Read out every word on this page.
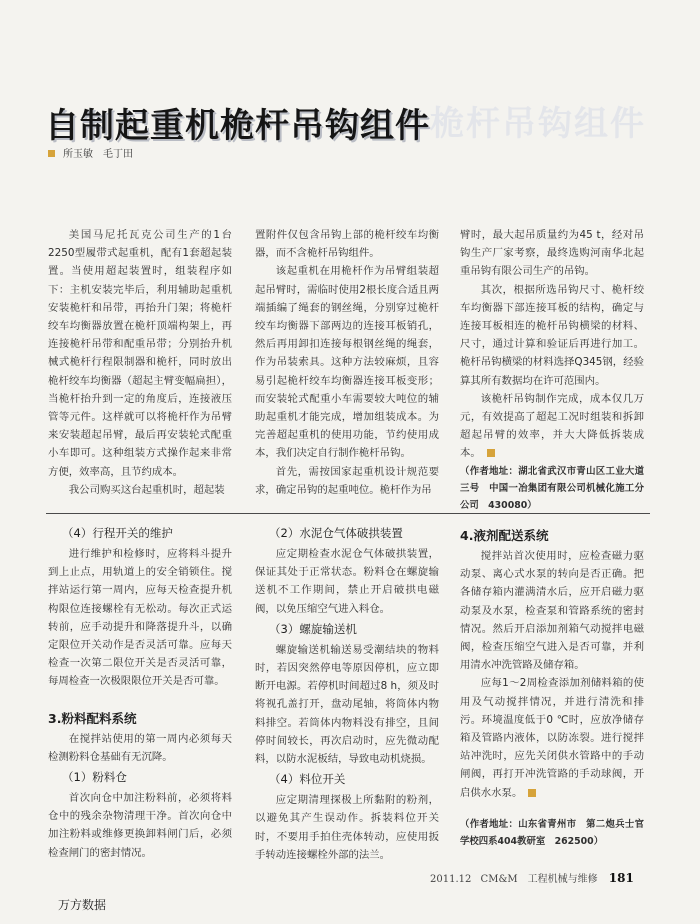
桅杆吊钩组件
自制起重机桅杆吊钩组件
所玉敏　毛丁田

美国马尼托瓦克公司生产的1台2250型履带式起重机，配有1套超起装置。当使用超起装置时，组装程序如下：主机安装完毕后，利用辅助起重机安装桅杆和吊带，再抬升门架；将桅杆绞车均衡器放置在桅杆顶端构架上，再连接桅杆吊带和配重吊带；分别抬升机械式桅杆行程限制器和桅杆，同时放出桅杆绞车均衡器（超起主臂变幅扁担），当桅杆抬升到一定的角度后，连接液压管等元件。这样就可以将桅杆作为吊臂来安装超起吊臂，最后再安装轮式配重小车即可。这种组装方式操作起来非常方便，效率高，且节约成本。

我公司购买这台起重机时，超起装

置附件仅包含吊钩上部的桅杆绞车均衡器，而不含桅杆吊钩组件。

该起重机在用桅杆作为吊臂组装超起吊臂时，需临时使用2根长度合适且两端插编了绳套的钢丝绳，分别穿过桅杆绞车均衡器下部两边的连接耳板销孔，然后再用卸扣连接每根钢丝绳的绳套，作为吊装索具。这种方法较麻烦，且容易引起桅杆绞车均衡器连接耳板变形；而安装轮式配重小车需要较大吨位的辅助起重机才能完成，增加组装成本。为完善超起重机的使用功能，节约使用成本，我们决定自行制作桅杆吊钩。

首先，需按国家起重机设计规范要求，确定吊钩的起重吨位。桅杆作为吊

臂时，最大起吊质量约为45 t，经对吊钩生产厂家考察，最终选购河南华北起重吊钩有限公司生产的吊钩。

其次，根据所选吊钩尺寸、桅杆绞车均衡器下部连接耳板的结构，确定与连接耳板相连的桅杆吊钩横梁的材料、尺寸，通过计算和验证后再进行加工。桅杆吊钩横梁的材料选择Q345钢，经验算其所有数据均在许可范围内。

该桅杆吊钩制作完成，成本仅几万元，有效提高了超起工况时组装和拆卸超起吊臂的效率，并大大降低拆装成本。

（作者地址：湖北省武汉市青山区工业大道三号　中国一冶集团有限公司机械化施工分公司　430080）

（4）行程开关的维护

进行维护和检修时，应将料斗提升到上止点，用轨道上的安全销锁住。搅拌站运行第一周内，应每天检查提升机构限位连接螺栓有无松动。每次正式运转前，应手动提升和降落提升斗，以确定限位开关动作是否灵活可靠。应每天检查一次第二限位开关是否灵活可靠，每周检查一次极限限位开关是否可靠。

3.粉料配料系统

在搅拌站使用的第一周内必须每天检测粉料仓基础有无沉降。

（1）粉料仓

首次向仓中加注粉料前，必须将料仓中的残余杂物清理干净。首次向仓中加注粉料或维修更换卸料闸门后，必须检查闸门的密封情况。

（2）水泥仓气体破拱装置

应定期检查水泥仓气体破拱装置，保证其处于正常状态。粉料仓在螺旋输送机不工作期间，禁止开启破拱电磁阀，以免压缩空气进入料仓。

（3）螺旋输送机

螺旋输送机输送易受潮结块的物料时，若因突然停电等原因停机，应立即断开电源。若停机时间超过8 h，须及时将视孔盖打开，盘动尾轴，将筒体内物料排空。若筒体内物料没有排空，且间停时间较长，再次启动时，应先微动配料，以防水泥板结，导致电动机烧损。

（4）料位开关

应定期清理探极上所黏附的粉剂，以避免其产生误动作。拆装料位开关时，不要用手拍住壳体转动，应使用扳手转动连接螺栓外部的法兰。

4.液剂配送系统

搅拌站首次使用时，应检查磁力驱动泵、离心式水泵的转向是否正确。把各储存箱内灌满清水后，应开启磁力驱动泵及水泵，检查泵和管路系统的密封情况。然后开启添加剂箱气动搅拌电磁阀，检查压缩空气进入是否可靠，并利用清水冲洗管路及储存箱。

应每1～2周检查添加剂储料箱的使用及气动搅拌情况，并进行清洗和排污。环境温度低于0 ℃时，应放净储存箱及管路内液体，以防冻裂。进行搅拌站冲洗时，应先关闭供水管路中的手动闸阀，再打开冲洗管路的手动球阀，开启供水水泵。

（作者地址：山东省青州市　第二炮兵士官学校四系404教研室　262500）

2011.12 CM&M　工程机械与维修 181
万方数据
